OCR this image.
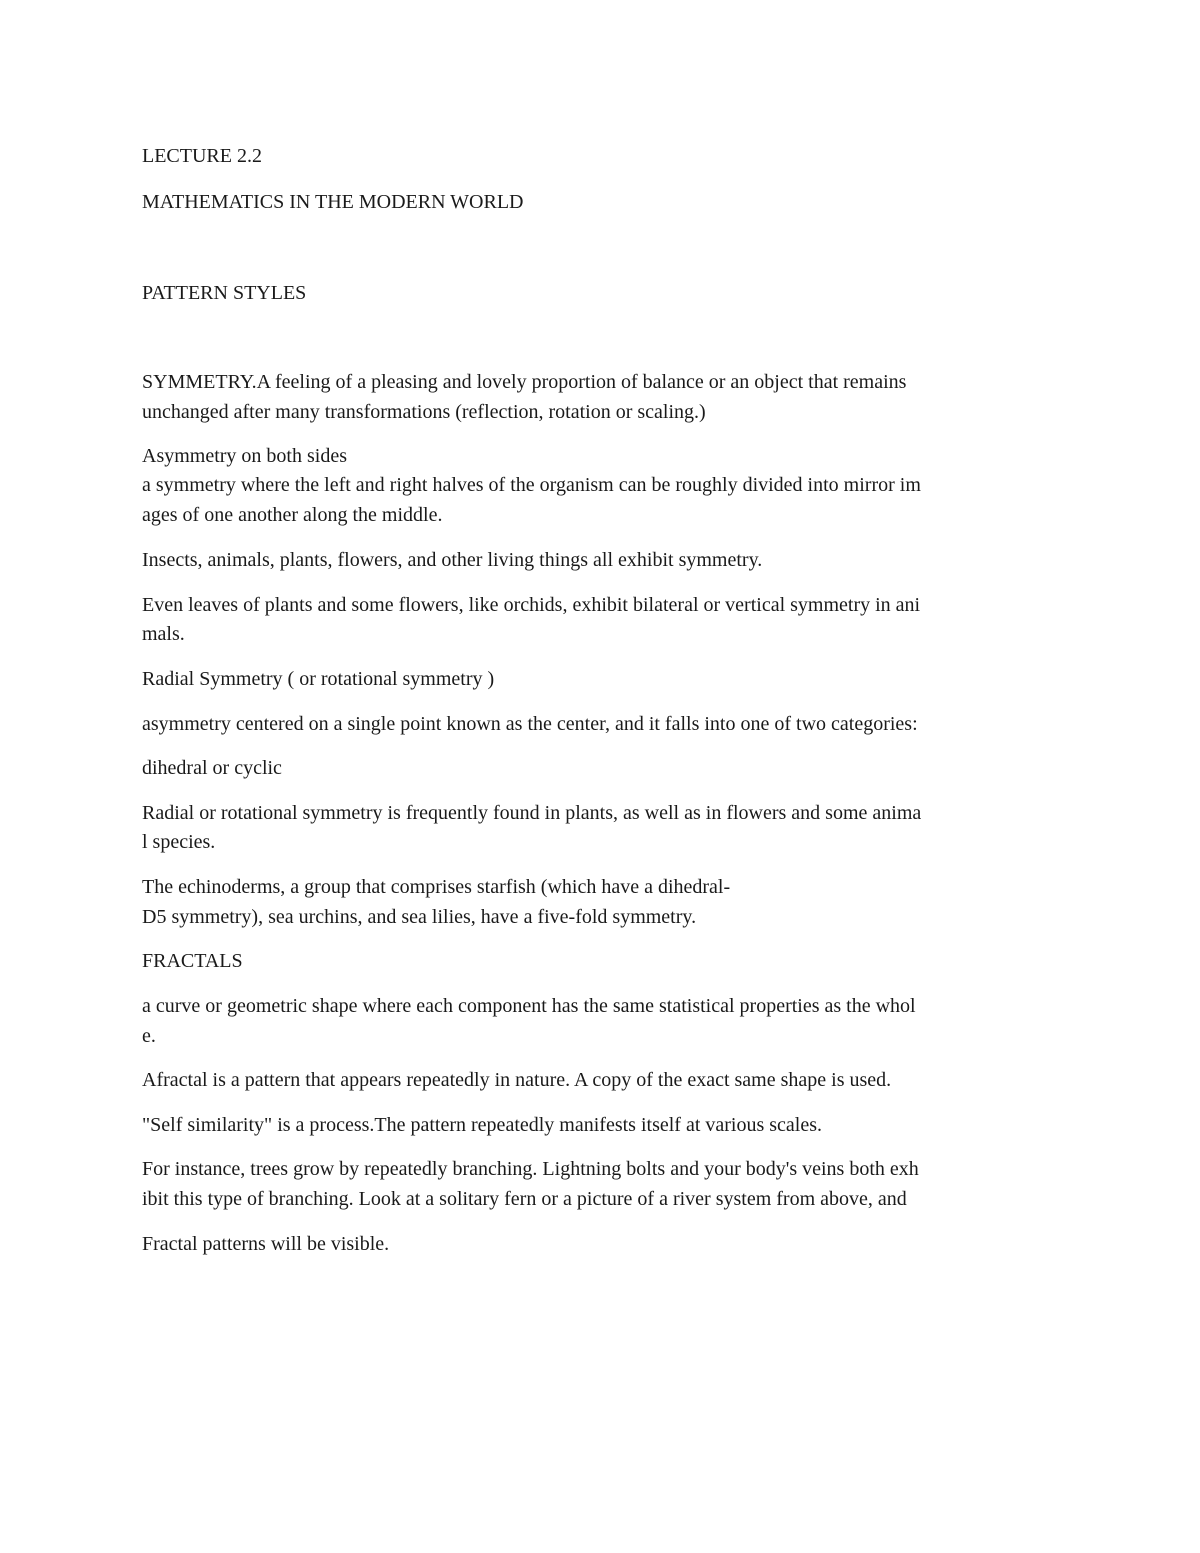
LECTURE 2.2

MATHEMATICS IN THE MODERN WORLD

PATTERN STYLES

SYMMETRY.A feeling of a pleasing and lovely proportion of balance or an object that remains

unchanged after many transformations (reflection, rotation or scaling.)

Asymmetry on both sides

a symmetry where the left and right halves of the organism can be roughly divided into mirror im

ages of one another along the middle.

Insects, animals, plants, flowers, and other living things all exhibit symmetry.

Even leaves of plants and some flowers, like orchids, exhibit bilateral or vertical symmetry in ani

mals.

Radial Symmetry ( or rotational symmetry )

asymmetry centered on a single point known as the center, and it falls into one of two categories:

dihedral or cyclic

Radial or rotational symmetry is frequently found in plants, as well as in flowers and some anima

l species.

The echinoderms, a group that comprises starfish (which have a dihedral-

D5 symmetry), sea urchins, and sea lilies, have a five-fold symmetry.

FRACTALS

a curve or geometric shape where each component has the same statistical properties as the whol

e.

Afractal is a pattern that appears repeatedly in nature. A copy of the exact same shape is used.

"Self similarity" is a process.The pattern repeatedly manifests itself at various scales.

For instance, trees grow by repeatedly branching. Lightning bolts and your body's veins both exh

ibit this type of branching. Look at a solitary fern or a picture of a river system from above, and

Fractal patterns will be visible.
